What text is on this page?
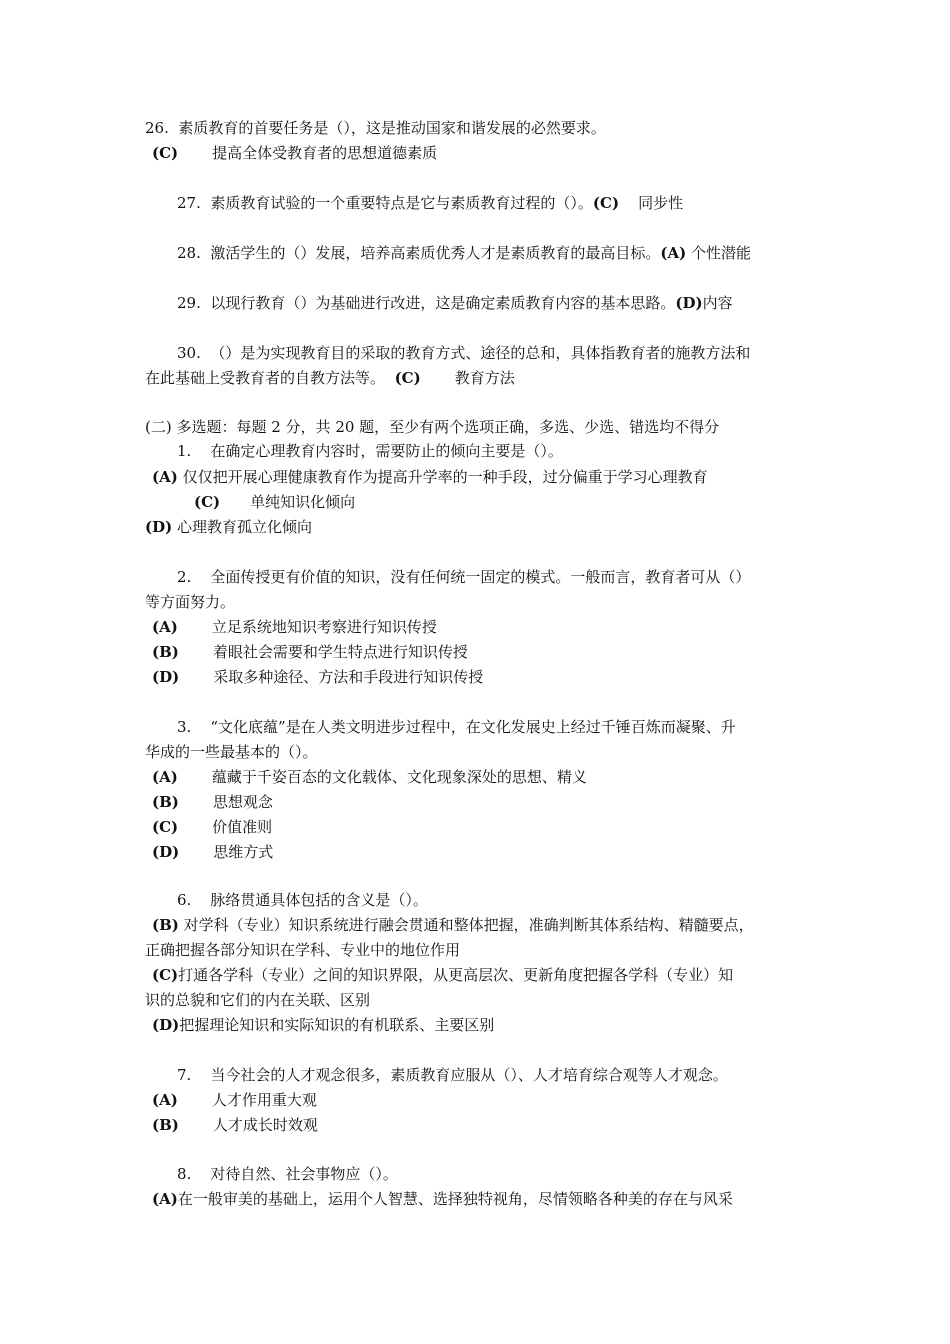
26. 素质教育的首要任务是（），这是推动国家和谐发展的必然要求。
(C) 提高全体受教育者的思想道德素质
27. 素质教育试验的一个重要特点是它与素质教育过程的（）。(C) 同步性
28. 激活学生的（）发展，培养高素质优秀人才是素质教育的最高目标。(A) 个性潜能
29. 以现行教育（）为基础进行改进，这是确定素质教育内容的基本思路。(D)内容
30. （）是为实现教育目的采取的教育方式、途径的总和，具体指教育者的施教方法和
在此基础上受教育者的自教方法等。 (C) 教育方法
(二) 多选题：每题 2 分，共 20 题，至少有两个选项正确，多选、少选、错选均不得分
1. 在确定心理教育内容时，需要防止的倾向主要是（）。
(A) 仅仅把开展心理健康教育作为提高升学率的一种手段，过分偏重于学习心理教育
(C) 单纯知识化倾向
(D) 心理教育孤立化倾向
2. 全面传授更有价值的知识，没有任何统一固定的模式。一般而言，教育者可从（）
等方面努力。
(A) 立足系统地知识考察进行知识传授
(B) 着眼社会需要和学生特点进行知识传授
(D) 采取多种途径、方法和手段进行知识传授
3. “文化底蕴”是在人类文明进步过程中，在文化发展史上经过千锤百炼而凝聚、升
华成的一些最基本的（）。
(A) 蕴藏于千姿百态的文化载体、文化现象深处的思想、精义
(B) 思想观念
(C) 价值准则
(D) 思维方式
6. 脉络贯通具体包括的含义是（）。
(B) 对学科（专业）知识系统进行融会贯通和整体把握，准确判断其体系结构、精髓要点，
正确把握各部分知识在学科、专业中的地位作用
(C)打通各学科（专业）之间的知识界限，从更高层次、更新角度把握各学科（专业）知
识的总貌和它们的内在关联、区别
(D)把握理论知识和实际知识的有机联系、主要区别
7. 当今社会的人才观念很多，素质教育应服从（）、人才培育综合观等人才观念。
(A) 人才作用重大观
(B) 人才成长时效观
8. 对待自然、社会事物应（）。
(A)在一般审美的基础上，运用个人智慧、选择独特视角，尽情领略各种美的存在与风采
